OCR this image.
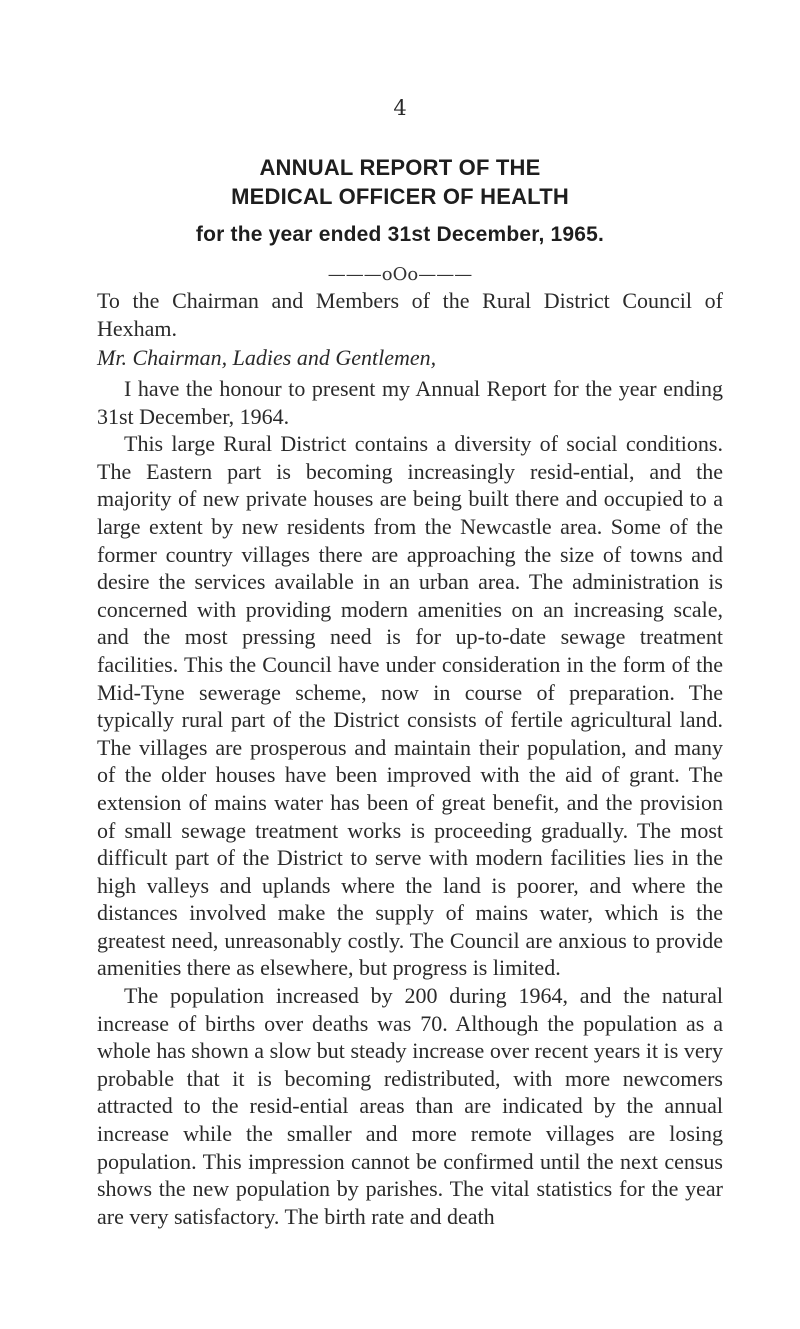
4
ANNUAL REPORT OF THE
MEDICAL OFFICER OF HEALTH
for the year ended 31st December, 1965.
———oOo———
To the Chairman and Members of the Rural District Council of Hexham.
Mr. Chairman, Ladies and Gentlemen,

I have the honour to present my Annual Report for the year ending 31st December, 1964.

This large Rural District contains a diversity of social conditions. The Eastern part is becoming increasingly resid-ential, and the majority of new private houses are being built there and occupied to a large extent by new residents from the Newcastle area. Some of the former country villages there are approaching the size of towns and desire the services available in an urban area. The administration is concerned with providing modern amenities on an increasing scale, and the most pressing need is for up-to-date sewage treatment facilities. This the Council have under consideration in the form of the Mid-Tyne sewerage scheme, now in course of preparation. The typically rural part of the District consists of fertile agricultural land. The villages are prosperous and maintain their population, and many of the older houses have been improved with the aid of grant. The extension of mains water has been of great benefit, and the provision of small sewage treatment works is proceeding gradually. The most difficult part of the District to serve with modern facilities lies in the high valleys and uplands where the land is poorer, and where the distances involved make the supply of mains water, which is the greatest need, unreasonably costly. The Council are anxious to provide amenities there as elsewhere, but progress is limited.

The population increased by 200 during 1964, and the natural increase of births over deaths was 70. Although the population as a whole has shown a slow but steady increase over recent years it is very probable that it is becoming redistributed, with more newcomers attracted to the resid-ential areas than are indicated by the annual increase while the smaller and more remote villages are losing population. This impression cannot be confirmed until the next census shows the new population by parishes. The vital statistics for the year are very satisfactory. The birth rate and death
